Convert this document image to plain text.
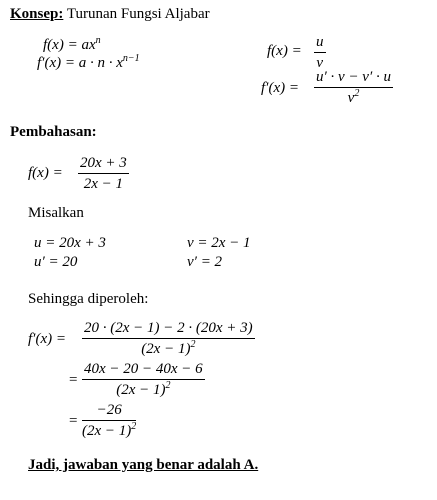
Konsep: Turunan Fungsi Aljabar
$f(x) = ax^n$
$f'(x) = a \cdot n \cdot x^{n-1}$	f(x) =
u
v
f′(x) =
u′ · v − v′ · u
$v^2$
Pembahasan:
f(x) =
20x + 3
2x − 1
Misalkan
u = 20x + 3
u′ = 20
v = 2x − 1
v′ = 2
Sehingga diperoleh:
f′(x) =
20 · (2x − 1) − 2 · (20x + 3)
$(2x - 1)^2$
=
40x − 20 − 40x − 6
$(2x - 1)^2$
=
−26
$(2x - 1)^2$
Jadi, jawaban yang benar adalah A.
